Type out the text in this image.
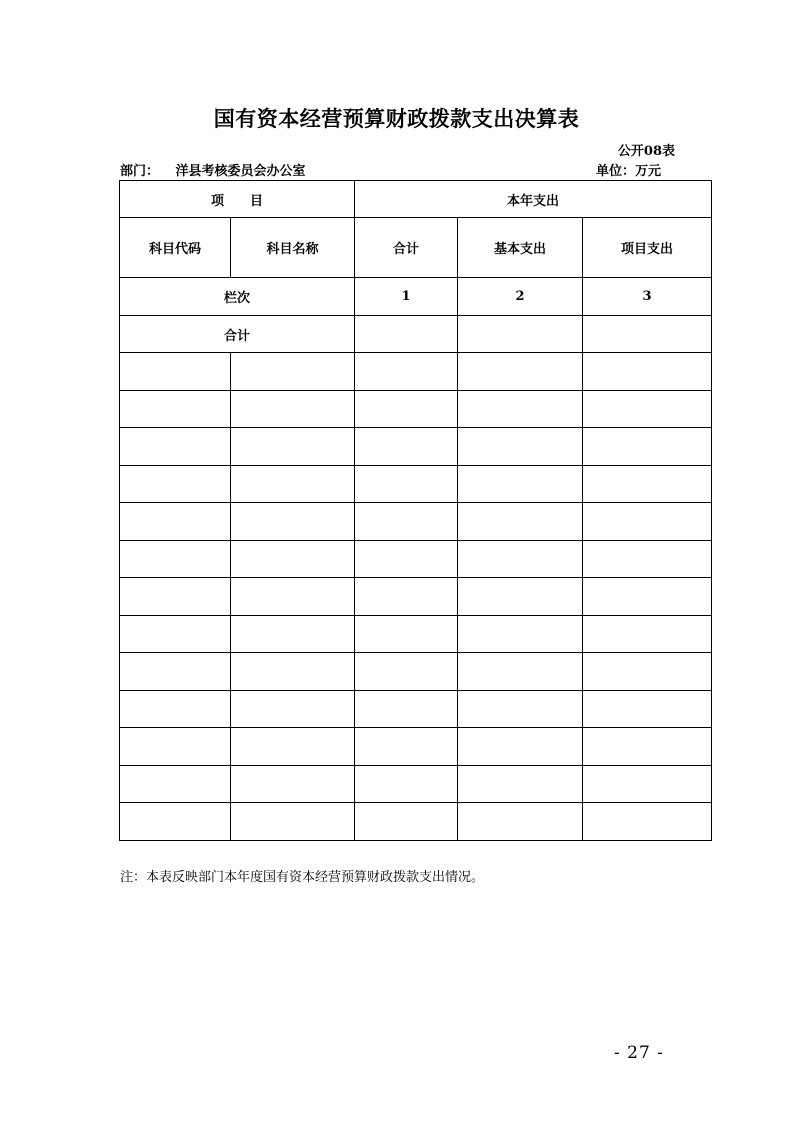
国有资本经营预算财政拨款支出决算表
公开08表
部门： 洋县考核委员会办公室	单位：万元
项　　目		本年支出		
科目代码	科目名称	合计	基本支出	项目支出
栏次		1	2	3
合计				

注：本表反映部门本年度国有资本经营预算财政拨款支出情况。
- 27 -
